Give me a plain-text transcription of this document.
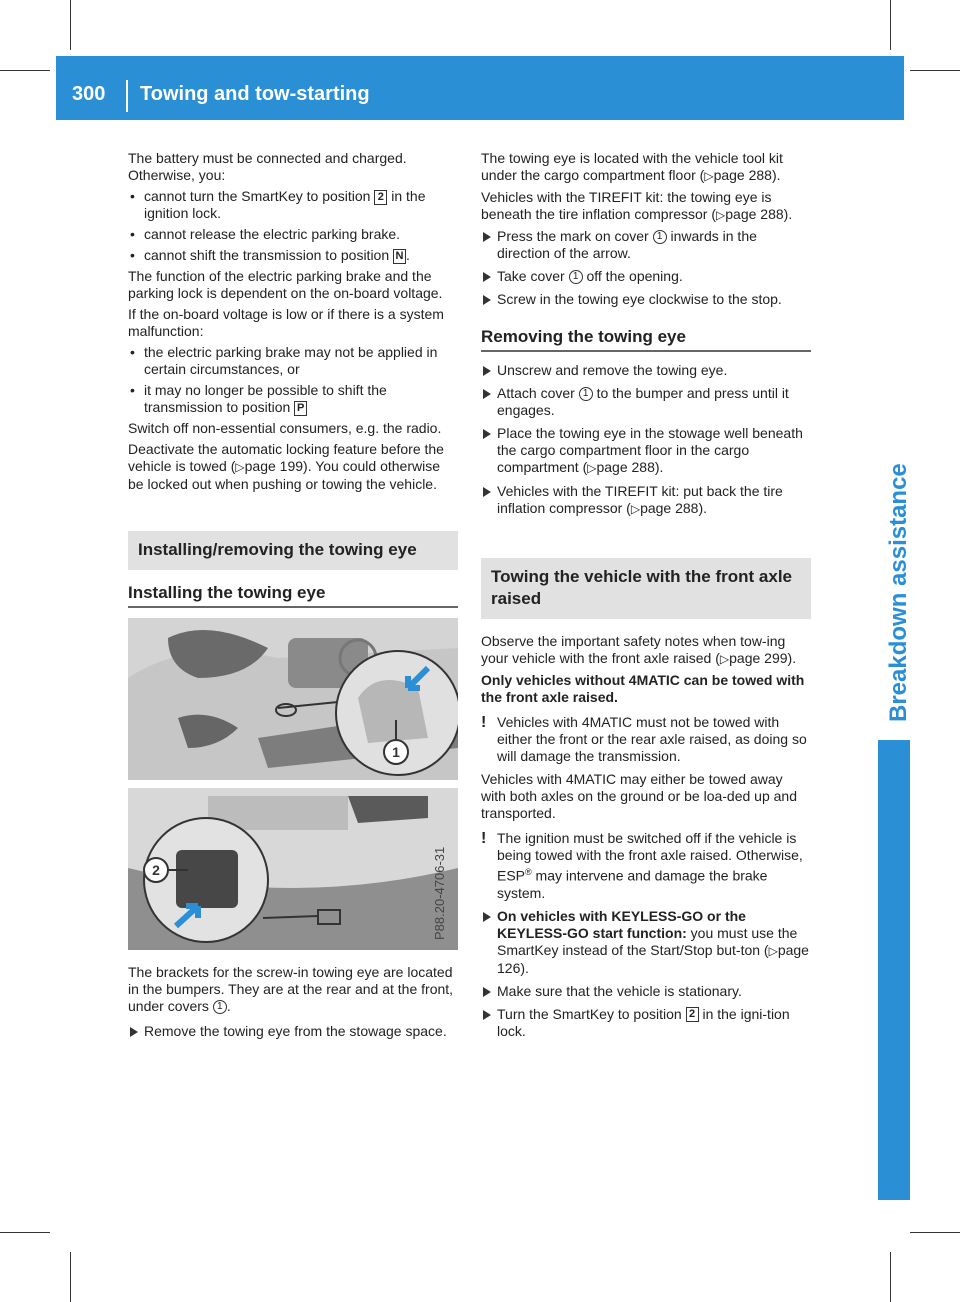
300 Towing and tow-starting
Breakdown assistance

The battery must be connected and charged. Otherwise, you:

• cannot turn the SmartKey to position 2 in the ignition lock.
• cannot release the electric parking brake.
• cannot shift the transmission to position N .

The function of the electric parking brake and the parking lock is dependent on the on-board voltage.

If the on-board voltage is low or if there is a system malfunction:

• the electric parking brake may not be applied in certain circumstances, or
• it may no longer be possible to shift the transmission to position P

Switch off non-essential consumers, e.g. the radio.

Deactivate the automatic locking feature before the vehicle is towed (▷page 199). You could otherwise be locked out when pushing or towing the vehicle.

Installing/removing the towing eye
Installing the towing eye
1
2	P88.20-4706-31

The brackets for the screw-in towing eye are located in the bumpers. They are at the rear and at the front, under covers 1 .

Remove the towing eye from the stowage space.

The towing eye is located with the vehicle tool kit under the cargo compartment floor (▷page 288).

Vehicles with the TIREFIT kit: the towing eye is beneath the tire inflation compressor (▷page 288).

Press the mark on cover 1 inwards in the direction of the arrow.
Take cover 1 off the opening.
Screw in the towing eye clockwise to the stop.
Removing the towing eye
Unscrew and remove the towing eye.
Attach cover 1 to the bumper and press until it engages.
Place the towing eye in the stowage well beneath the cargo compartment floor in the cargo compartment (▷page 288).
Vehicles with the TIREFIT kit: put back the tire inflation compressor (▷page 288).
Towing the vehicle with the front axle raised

Observe the important safety notes when tow-ing your vehicle with the front axle raised (▷page 299).

Only vehicles without 4MATIC can be towed with the front axle raised.

! Vehicles with 4MATIC must not be towed with either the front or the rear axle raised, as doing so will damage the transmission.

Vehicles with 4MATIC may either be towed away with both axles on the ground or be loa-ded up and transported.

! The ignition must be switched off if the vehicle is being towed with the front axle raised. Otherwise, ESP® may intervene and damage the brake system.
On vehicles with KEYLESS-GO or the KEYLESS-GO start function: you must use the SmartKey instead of the Start/Stop but-ton (▷page 126).
Make sure that the vehicle is stationary.
Turn the SmartKey to position 2 in the igni-tion lock.
